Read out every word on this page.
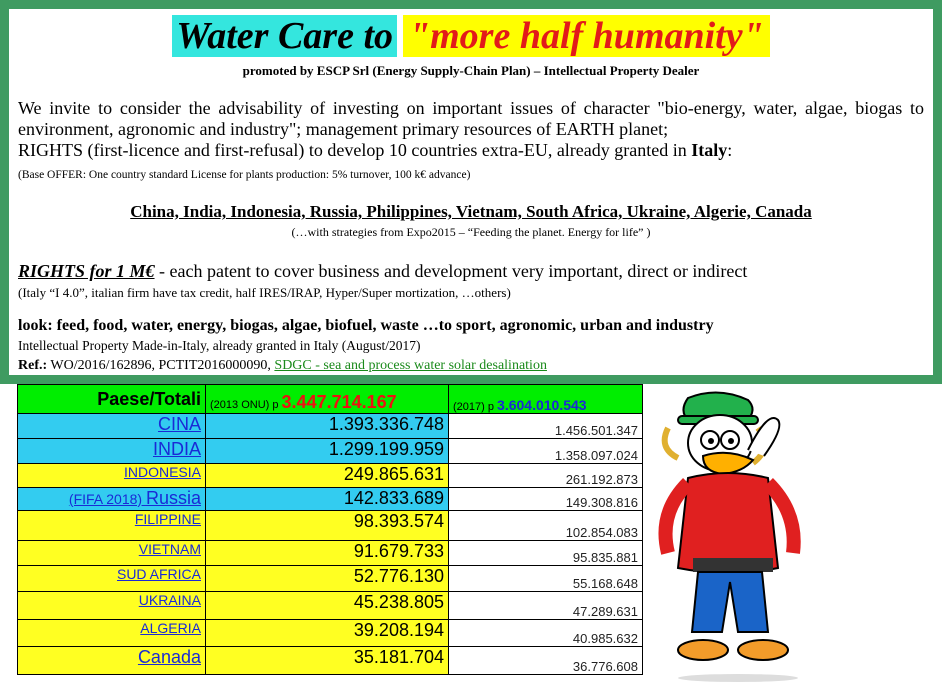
Water Care to "more half humanity"
promoted by ESCP Srl (Energy Supply-Chain Plan) – Intellectual Property Dealer
We invite to consider the advisability of investing on important issues of character "bio-energy, water, algae, biogas to environment, agronomic and industry"; management primary resources of EARTH planet;
RIGHTS (first-licence and first-refusal) to develop 10 countries extra-EU, already granted in Italy:
(Base OFFER: One country standard License for plants production: 5% turnover, 100 k€ advance)
China, India, Indonesia, Russia, Philippines, Vietnam, South Africa, Ukraine, Algerie, Canada
(…with strategies from Expo2015 – “Feeding the planet. Energy for life” )
RIGHTS for 1 M€ - each patent to cover business and development very important, direct or indirect
(Italy “I 4.0”, italian firm have tax credit, half IRES/IRAP, Hyper/Super mortization, …others)
look: feed, food, water, energy, biogas, algae, biofuel, waste …to sport, agronomic, urban and industry
Intellectual Property Made-in-Italy, already granted in Italy (August/2017)
Ref.: WO/2016/162896, PCTIT2016000090, SDGC - sea and process water solar desalination
Paese/Totali	(2013 ONU) p 3.447.714.167	(2017) p 3.604.010.543
CINA	1.393.336.748	1.456.501.347
INDIA	1.299.199.959	1.358.097.024
INDONESIA	249.865.631	261.192.873
(FIFA 2018) Russia	142.833.689	149.308.816
FILIPPINE	98.393.574	102.854.083
VIETNAM	91.679.733	95.835.881
SUD AFRICA	52.776.130	55.168.648
UKRAINA	45.238.805	47.289.631
ALGERIA	39.208.194	40.985.632
Canada	35.181.704	36.776.608
